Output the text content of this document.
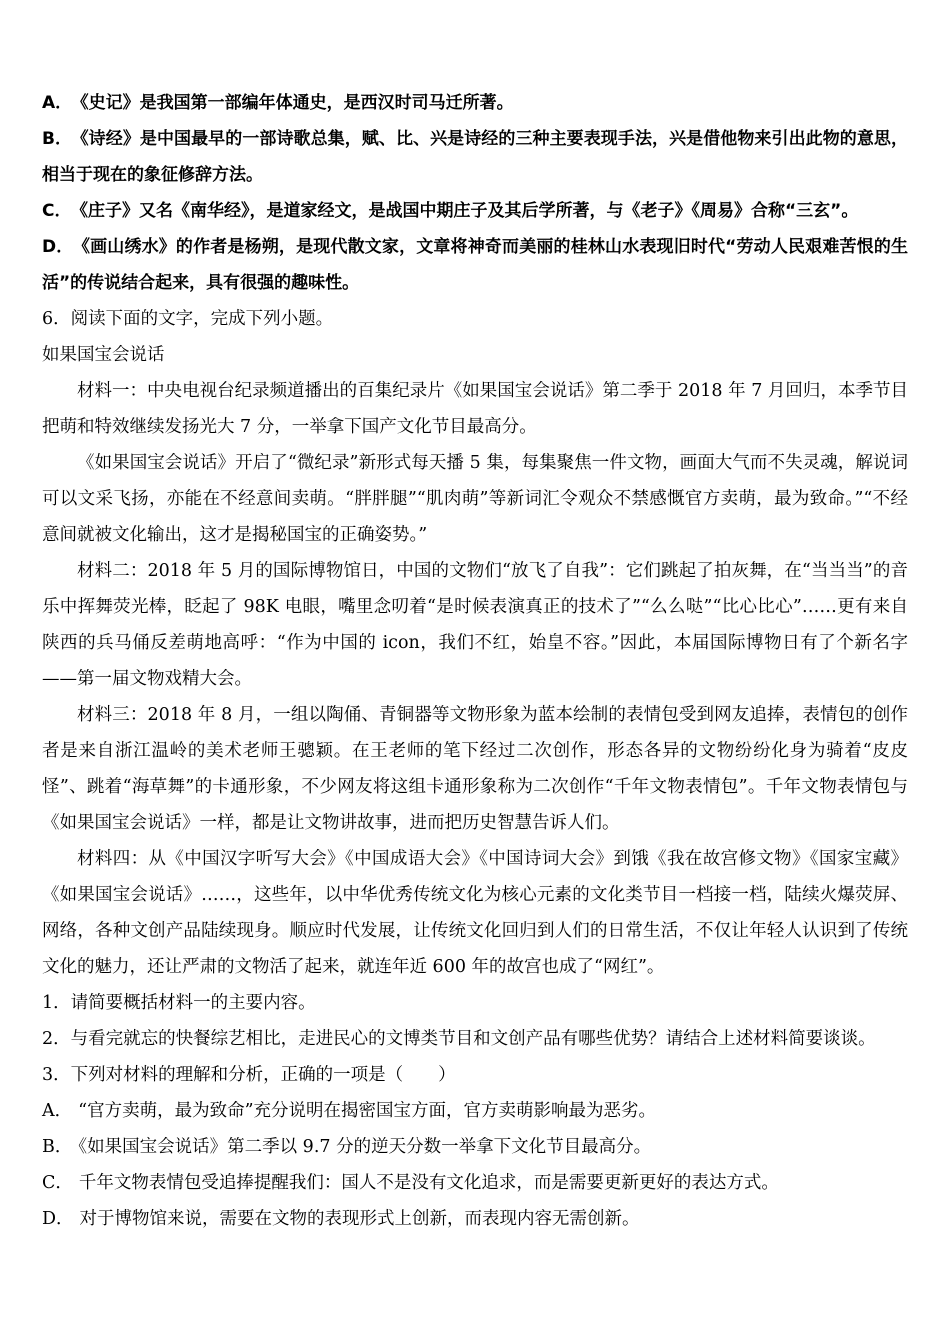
A． 《史记》是我国第一部编年体通史，是西汉时司马迁所著。

B． 《诗经》是中国最早的一部诗歌总集，赋、比、兴是诗经的三种主要表现手法，兴是借他物来引出此物的意思，相当于现在的象征修辞方法。

C． 《庄子》又名《南华经》，是道家经文，是战国中期庄子及其后学所著，与《老子》《周易》合称“三玄”。

D． 《画山绣水》的作者是杨朔，是现代散文家，文章将神奇而美丽的桂林山水表现旧时代“劳动人民艰难苦恨的生活”的传说结合起来，具有很强的趣味性。

6．阅读下面的文字，完成下列小题。

如果国宝会说话

材料一：中央电视台纪录频道播出的百集纪录片《如果国宝会说话》第二季于 2018 年 7 月回归，本季节目把萌和特效继续发扬光大 7 分，一举拿下国产文化节目最高分。

《如果国宝会说话》开启了“微纪录”新形式每天播 5 集，每集聚焦一件文物，画面大气而不失灵魂，解说词可以文采飞扬，亦能在不经意间卖萌。“胖胖腿”“肌肉萌”等新词汇令观众不禁感慨官方卖萌，最为致命。”“不经意间就被文化输出，这才是揭秘国宝的正确姿势。”

材料二：2018 年 5 月的国际博物馆日，中国的文物们“放飞了自我”：它们跳起了拍灰舞，在“当当当”的音乐中挥舞荧光棒，眨起了 98K 电眼，嘴里念叨着“是时候表演真正的技术了”“么么哒”“比心比心”……更有来自陕西的兵马俑反差萌地高呼：“作为中国的 icon，我们不红，始皇不容。”因此，本届国际博物日有了个新名字——第一届文物戏精大会。

材料三：2018 年 8 月，一组以陶俑、青铜器等文物形象为蓝本绘制的表情包受到网友追捧，表情包的创作者是来自浙江温岭的美术老师王骢颖。在王老师的笔下经过二次创作，形态各异的文物纷纷化身为骑着“皮皮怪”、跳着“海草舞”的卡通形象，不少网友将这组卡通形象称为二次创作“千年文物表情包”。千年文物表情包与《如果国宝会说话》一样，都是让文物讲故事，进而把历史智慧告诉人们。

材料四：从《中国汉字听写大会》《中国成语大会》《中国诗词大会》到饿《我在故宫修文物》《国家宝藏》《如果国宝会说话》……，这些年，以中华优秀传统文化为核心元素的文化类节目一档接一档，陆续火爆荧屏、网络，各种文创产品陆续现身。顺应时代发展，让传统文化回归到人们的日常生活，不仅让年轻人认识到了传统文化的魅力，还让严肃的文物活了起来，就连年近 600 年的故宫也成了“网红”。

1．请简要概括材料一的主要内容。

2．与看完就忘的快餐综艺相比，走进民心的文博类节目和文创产品有哪些优势？请结合上述材料简要谈谈。

3．下列对材料的理解和分析，正确的一项是（　　）

A． “官方卖萌，最为致命”充分说明在揭密国宝方面，官方卖萌影响最为恶劣。

B． 《如果国宝会说话》第二季以 9.7 分的逆天分数一举拿下文化节目最高分。

C． 千年文物表情包受追捧提醒我们：国人不是没有文化追求，而是需要更新更好的表达方式。

D． 对于博物馆来说，需要在文物的表现形式上创新，而表现内容无需创新。
